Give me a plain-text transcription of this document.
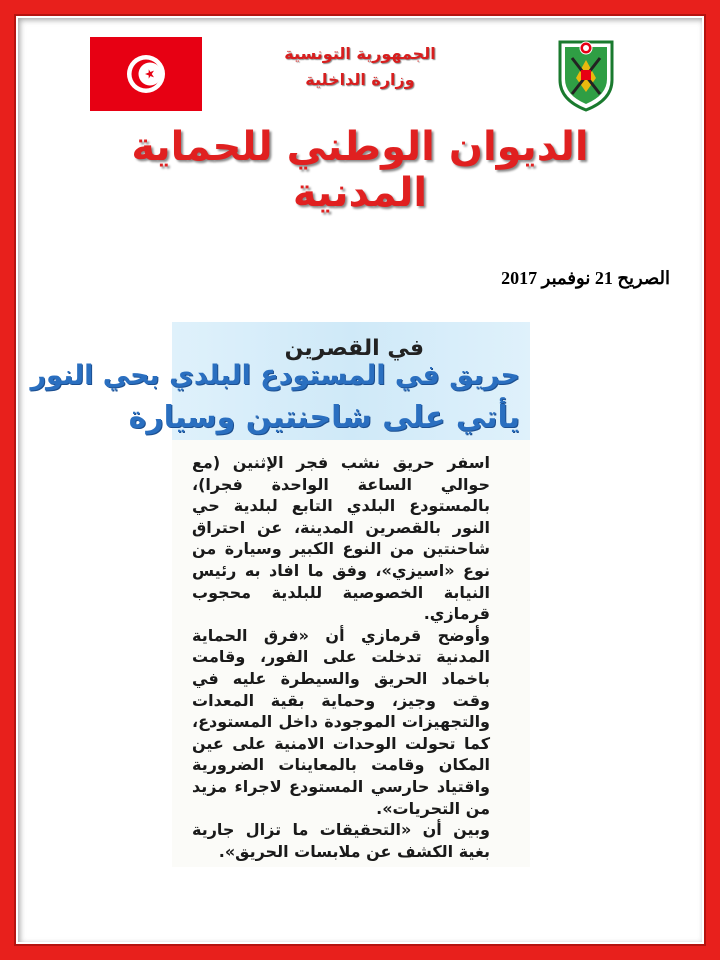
الجمهورية التونسية
وزارة الداخلية
الديوان الوطني للحماية المدنية
الصريح 21 نوفمبر 2017
في القصرين
حريق في المستودع البلدي بحي النور
يأتي على شاحنتين وسيارة

اسفر حريق نشب فجر الإثنين (مع حوالي الساعة الواحدة فجرا)، بالمستودع البلدي التابع لبلدية حي النور بالقصرين المدينة، عن احتراق شاحنتين من النوع الكبير وسيارة من نوع «اسيزي»، وفق ما افاد به رئيس النيابة الخصوصية للبلدية محجوب قرمازي.

وأوضح قرمازي أن «فرق الحماية المدنية تدخلت على الفور، وقامت باخماد الحريق والسيطرة عليه في وقت وجيز، وحماية بقية المعدات والتجهيزات الموجودة داخل المستودع، كما تحولت الوحدات الامنية على عين المكان وقامت بالمعاينات الضرورية واقتياد حارسي المستودع لاجراء مزيد من التحريات».

وبين أن «التحقيقات ما تزال جارية بغية الكشف عن ملابسات الحريق».
